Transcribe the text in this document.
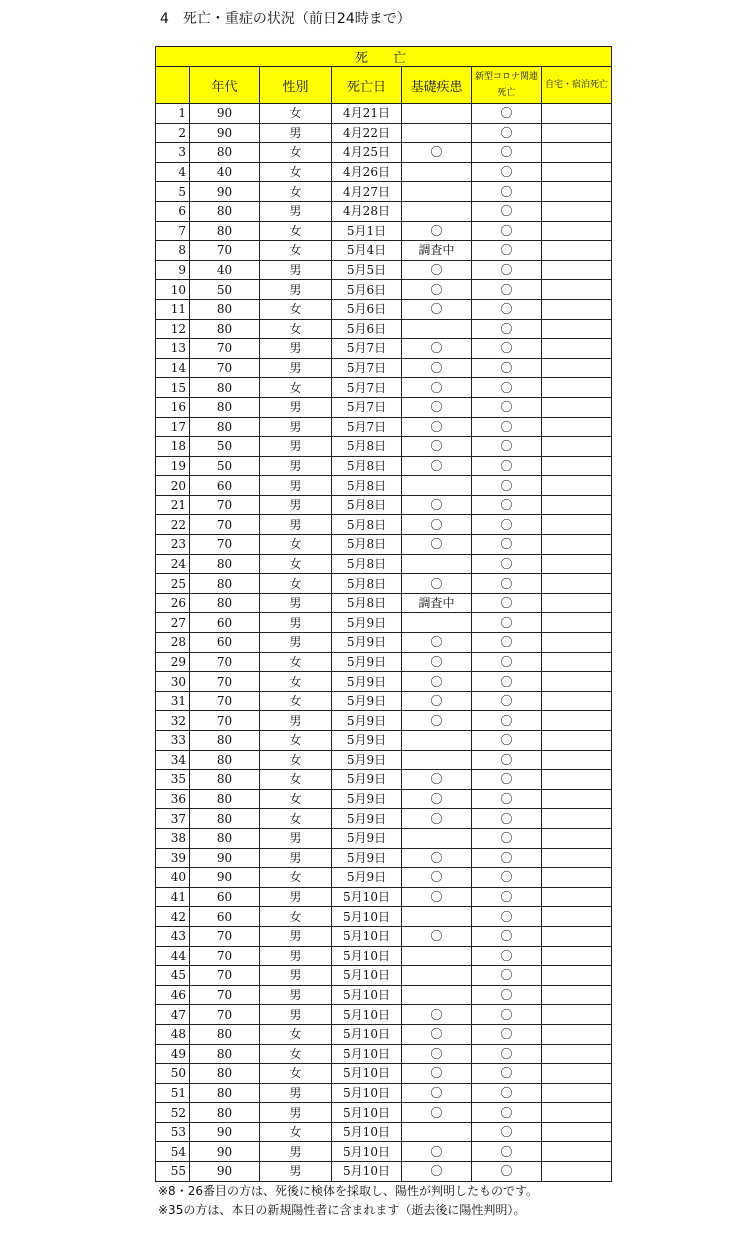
4　死亡・重症の状況（前日24時まで）
死　亡						
	年代	性別	死亡日	基礎疾患	新型コロナ関連死亡	自宅・宿泊死亡
1	90	女	4月21日		〇	
2	90	男	4月22日		〇	
3	80	女	4月25日	〇	〇	
4	40	女	4月26日		〇	
5	90	女	4月27日		〇	
6	80	男	4月28日		〇	
7	80	女	5月1日	〇	〇	
8	70	女	5月4日	調査中	〇	
9	40	男	5月5日	〇	〇	
10	50	男	5月6日	〇	〇	
11	80	女	5月6日	〇	〇	
12	80	女	5月6日		〇	
13	70	男	5月7日	〇	〇	
14	70	男	5月7日	〇	〇	
15	80	女	5月7日	〇	〇	
16	80	男	5月7日	〇	〇	
17	80	男	5月7日	〇	〇	
18	50	男	5月8日	〇	〇	
19	50	男	5月8日	〇	〇	
20	60	男	5月8日		〇	
21	70	男	5月8日	〇	〇	
22	70	男	5月8日	〇	〇	
23	70	女	5月8日	〇	〇	
24	80	女	5月8日		〇	
25	80	女	5月8日	〇	〇	
26	80	男	5月8日	調査中	〇	
27	60	男	5月9日		〇	
28	60	男	5月9日	〇	〇	
29	70	女	5月9日	〇	〇	
30	70	女	5月9日	〇	〇	
31	70	女	5月9日	〇	〇	
32	70	男	5月9日	〇	〇	
33	80	女	5月9日		〇	
34	80	女	5月9日		〇	
35	80	女	5月9日	〇	〇	
36	80	女	5月9日	〇	〇	
37	80	女	5月9日	〇	〇	
38	80	男	5月9日		〇	
39	90	男	5月9日	〇	〇	
40	90	女	5月9日	〇	〇	
41	60	男	5月10日	〇	〇	
42	60	女	5月10日		〇	
43	70	男	5月10日	〇	〇	
44	70	男	5月10日		〇	
45	70	男	5月10日		〇	
46	70	男	5月10日		〇	
47	70	男	5月10日	〇	〇	
48	80	女	5月10日	〇	〇	
49	80	女	5月10日	〇	〇	
50	80	女	5月10日	〇	〇	
51	80	男	5月10日	〇	〇	
52	80	男	5月10日	〇	〇	
53	90	女	5月10日		〇	
54	90	男	5月10日	〇	〇	
55	90	男	5月10日	〇	〇	
※8・26番目の方は、死後に検体を採取し、陽性が判明したものです。
※35の方は、本日の新規陽性者に含まれます（逝去後に陽性判明）。
